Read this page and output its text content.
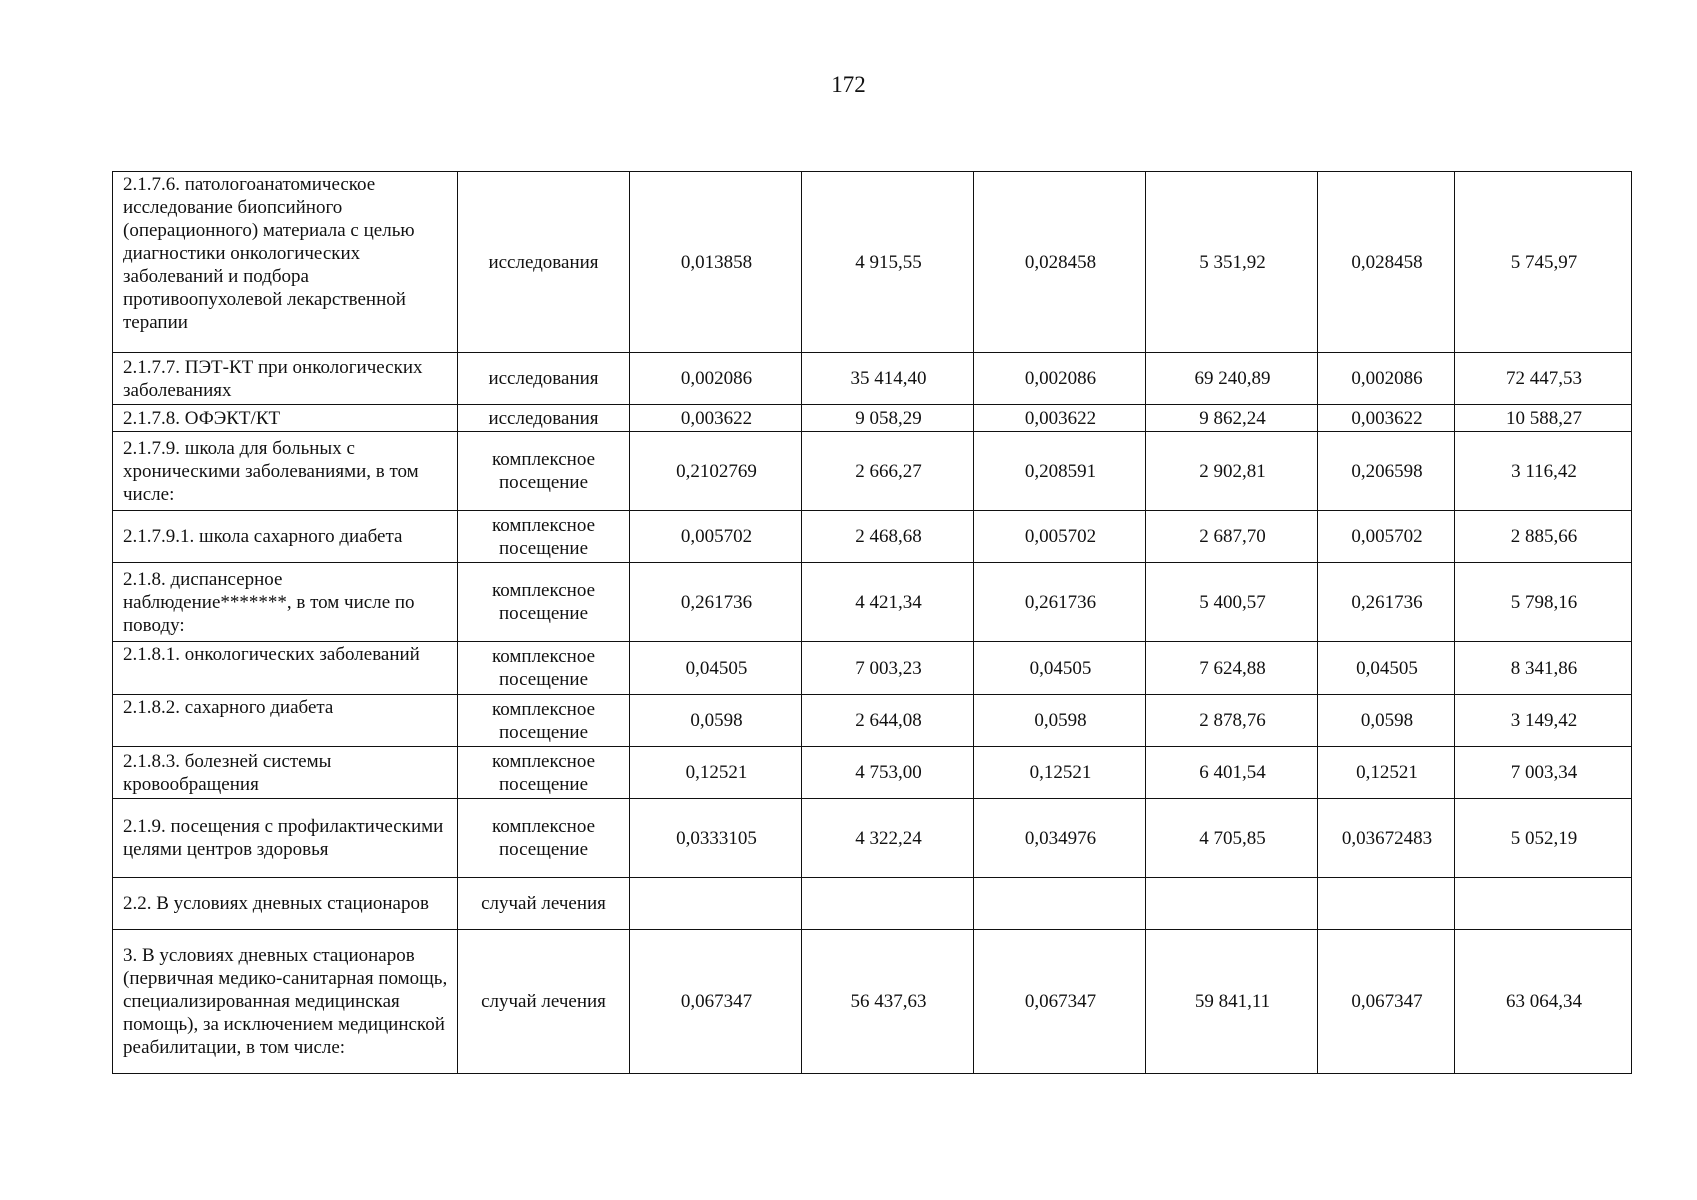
172
2.1.7.6. патологоанатомическое исследование биопсийного (операционного) материала с целью диагностики онкологических заболеваний и подбора противоопухолевой лекарственной терапии	исследования	0,013858	4 915,55	0,028458	5 351,92	0,028458	5 745,97
2.1.7.7. ПЭТ-КТ при онкологических заболеваниях	исследования	0,002086	35 414,40	0,002086	69 240,89	0,002086	72 447,53
2.1.7.8. ОФЭКТ/КТ	исследования	0,003622	9 058,29	0,003622	9 862,24	0,003622	10 588,27
2.1.7.9. школа для больных с хроническими заболеваниями, в том числе:	комплексное посещение	0,2102769	2 666,27	0,208591	2 902,81	0,206598	3 116,42
2.1.7.9.1. школа сахарного диабета	комплексное посещение	0,005702	2 468,68	0,005702	2 687,70	0,005702	2 885,66
2.1.8. диспансерное наблюдение*******, в том числе по поводу:	комплексное посещение	0,261736	4 421,34	0,261736	5 400,57	0,261736	5 798,16
2.1.8.1. онкологических заболеваний	комплексное посещение	0,04505	7 003,23	0,04505	7 624,88	0,04505	8 341,86
2.1.8.2. сахарного диабета	комплексное посещение	0,0598	2 644,08	0,0598	2 878,76	0,0598	3 149,42
2.1.8.3. болезней системы кровообращения	комплексное посещение	0,12521	4 753,00	0,12521	6 401,54	0,12521	7 003,34
2.1.9. посещения с профилактическими целями центров здоровья	комплексное посещение	0,0333105	4 322,24	0,034976	4 705,85	0,03672483	5 052,19
2.2. В условиях дневных стационаров	случай лечения						
3. В условиях дневных стационаров (первичная медико-санитарная помощь, специализированная медицинская помощь), за исключением медицинской реабилитации, в том числе:	случай лечения	0,067347	56 437,63	0,067347	59 841,11	0,067347	63 064,34
